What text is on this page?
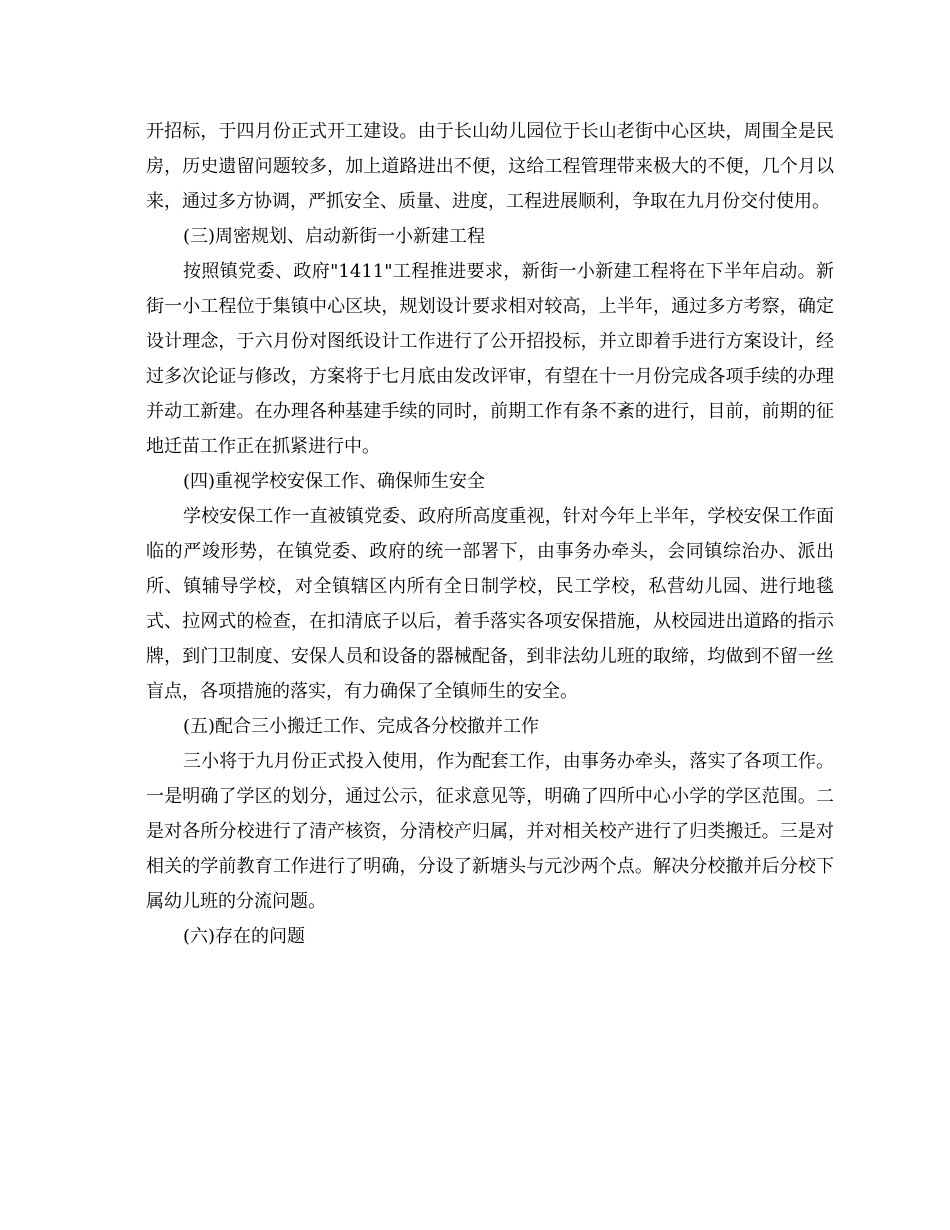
开招标，于四月份正式开工建设。由于长山幼儿园位于长山老街中心区块，周围全是民房，历史遗留问题较多，加上道路进出不便，这给工程管理带来极大的不便，几个月以来，通过多方协调，严抓安全、质量、进度，工程进展顺利，争取在九月份交付使用。

(三)周密规划、启动新街一小新建工程

按照镇党委、政府"1411"工程推进要求，新街一小新建工程将在下半年启动。新街一小工程位于集镇中心区块，规划设计要求相对较高，上半年，通过多方考察，确定设计理念，于六月份对图纸设计工作进行了公开招投标，并立即着手进行方案设计，经过多次论证与修改，方案将于七月底由发改评审，有望在十一月份完成各项手续的办理并动工新建。在办理各种基建手续的同时，前期工作有条不紊的进行，目前，前期的征地迁苗工作正在抓紧进行中。

(四)重视学校安保工作、确保师生安全

学校安保工作一直被镇党委、政府所高度重视，针对今年上半年，学校安保工作面临的严竣形势，在镇党委、政府的统一部署下，由事务办牵头，会同镇综治办、派出所、镇辅导学校，对全镇辖区内所有全日制学校，民工学校，私营幼儿园、进行地毯式、拉网式的检查，在扣清底子以后，着手落实各项安保措施，从校园进出道路的指示牌，到门卫制度、安保人员和设备的器械配备，到非法幼儿班的取缔，均做到不留一丝盲点，各项措施的落实，有力确保了全镇师生的安全。

(五)配合三小搬迁工作、完成各分校撤并工作

三小将于九月份正式投入使用，作为配套工作，由事务办牵头，落实了各项工作。一是明确了学区的划分，通过公示，征求意见等，明确了四所中心小学的学区范围。二是对各所分校进行了清产核资，分清校产归属，并对相关校产进行了归类搬迁。三是对相关的学前教育工作进行了明确，分设了新塘头与元沙两个点。解决分校撤并后分校下属幼儿班的分流问题。

(六)存在的问题
